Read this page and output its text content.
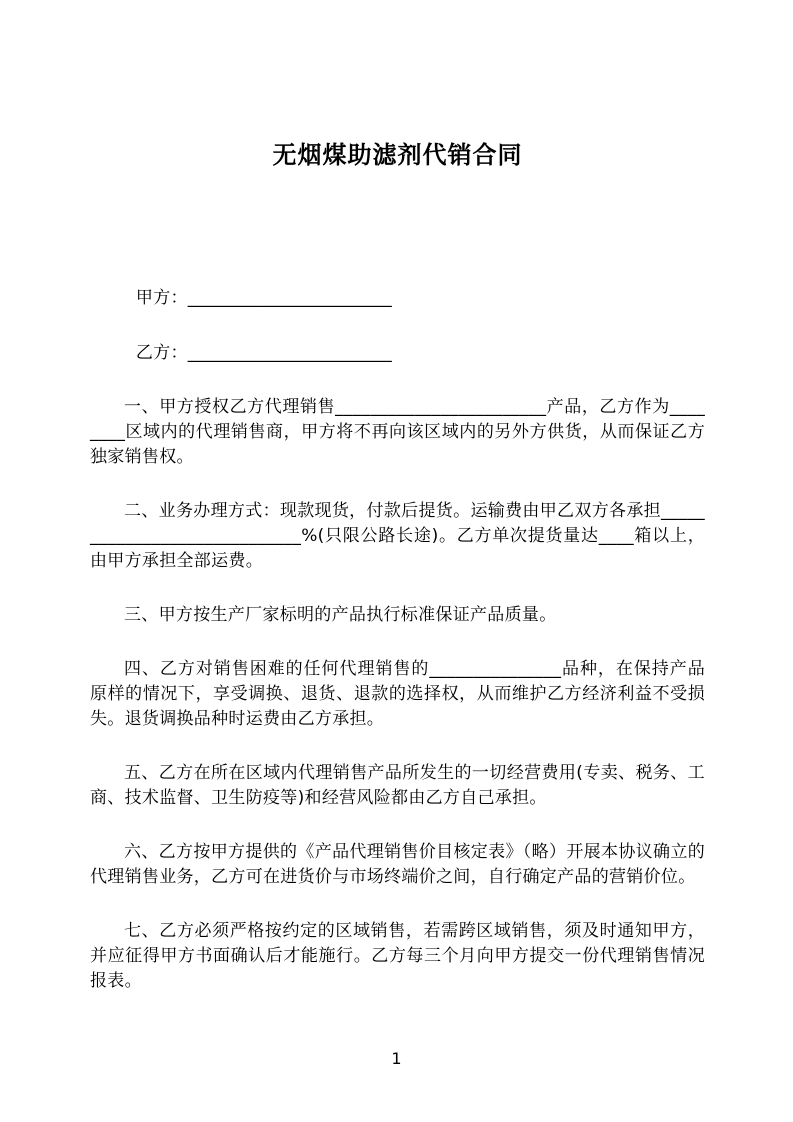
无烟煤助滤剂代销合同

甲方：________________________

乙方：________________________

一、甲方授权乙方代理销售________________________产品，乙方作为________区域内的代理销售商，甲方将不再向该区域内的另外方供货，从而保证乙方独家销售权。

二、业务办理方式：现款现货，付款后提货。运输费由甲乙双方各承担_____________________________%(只限公路长途)。乙方单次提货量达____箱以上，由甲方承担全部运费。

三、甲方按生产厂家标明的产品执行标准保证产品质量。

四、乙方对销售困难的任何代理销售的_______________品种，在保持产品原样的情况下，享受调换、退货、退款的选择权，从而维护乙方经济利益不受损失。退货调换品种时运费由乙方承担。

五、乙方在所在区域内代理销售产品所发生的一切经营费用(专卖、税务、工商、技术监督、卫生防疫等)和经营风险都由乙方自己承担。

六、乙方按甲方提供的《产品代理销售价目核定表》（略）开展本协议确立的代理销售业务，乙方可在进货价与市场终端价之间，自行确定产品的营销价位。

七、乙方必须严格按约定的区域销售，若需跨区域销售，须及时通知甲方，并应征得甲方书面确认后才能施行。乙方每三个月向甲方提交一份代理销售情况报表。

1
